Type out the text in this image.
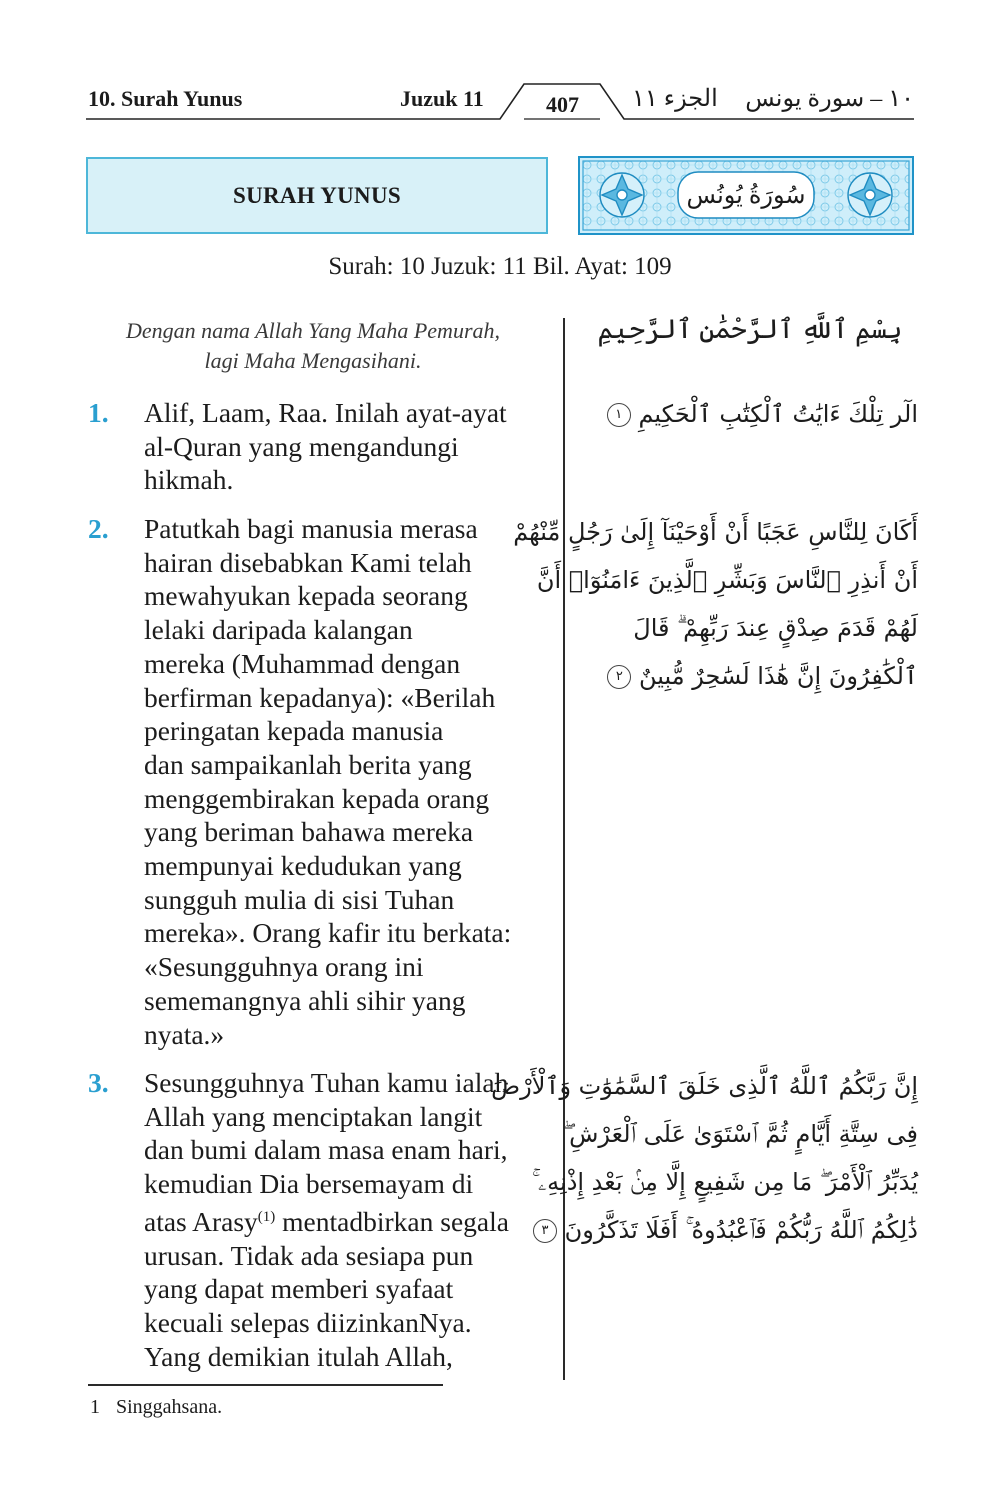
10. Surah Yunus	Juzuk 11	407 الجزء ١١ ١٠ – سورة يونس
SURAH YUNUS	سُورَةُ يُونُس
Surah: 10 Juzuk: 11 Bil. Ayat: 109
Dengan nama Allah Yang Maha Pemurah,
lagi Maha Mengasihani.
بِسْمِ ٱللَّهِ ٱلرَّحْمَٰنِ ٱلرَّحِيمِ
1. Alif, Laam, Raa. Inilah ayat-ayat
al-Quran yang mengandungi
hikmah.
الٓر تِلْكَ ءَايَٰتُ ٱلْكِتَٰبِ ٱلْحَكِيمِ ١
2. Patutkah bagi manusia merasa
hairan disebabkan Kami telah
mewahyukan kepada seorang
lelaki daripada kalangan
mereka (Muhammad dengan
berfirman kepadanya): «Berilah
peringatan kepada manusia
dan sampaikanlah berita yang
menggembirakan kepada orang
yang beriman bahawa mereka
mempunyai kedudukan yang
sungguh mulia di sisi Tuhan
mereka». Orang kafir itu berkata:
«Sesungguhnya orang ini
sememangnya ahli sihir yang
nyata.»
أَكَانَ لِلنَّاسِ عَجَبًا أَنْ أَوْحَيْنَآ إِلَىٰ رَجُلٍ مِّنْهُمْ
أَنْ أَنذِرِ ٱلنَّاسَ وَبَشِّرِ ٱلَّذِينَ ءَامَنُوٓا۟ أَنَّ
لَهُمْ قَدَمَ صِدْقٍ عِندَ رَبِّهِمْ ۗ قَالَ
ٱلْكَٰفِرُونَ إِنَّ هَٰذَا لَسَٰحِرٌ مُّبِينٌ ٢
3. Sesungguhnya Tuhan kamu ialah
Allah yang menciptakan langit
dan bumi dalam masa enam hari,
kemudian Dia bersemayam di
atas Arasy$^{(1)}$ mentadbirkan segala
urusan. Tidak ada sesiapa pun
yang dapat memberi syafaat
kecuali selepas diizinkanNya.
Yang demikian itulah Allah,
إِنَّ رَبَّكُمُ ٱللَّهُ ٱلَّذِى خَلَقَ ٱلسَّمَٰوَٰتِ وَٱلْأَرْضَ
فِى سِتَّةِ أَيَّامٍ ثُمَّ ٱسْتَوَىٰ عَلَى ٱلْعَرْشِ ۖ
يُدَبِّرُ ٱلْأَمْرَ ۖ مَا مِن شَفِيعٍ إِلَّا مِنۢ بَعْدِ إِذْنِهِۦ ۚ
ذَٰلِكُمُ ٱللَّهُ رَبُّكُمْ فَٱعْبُدُوهُ ۚ أَفَلَا تَذَكَّرُونَ ٣
1 Singgahsana.
